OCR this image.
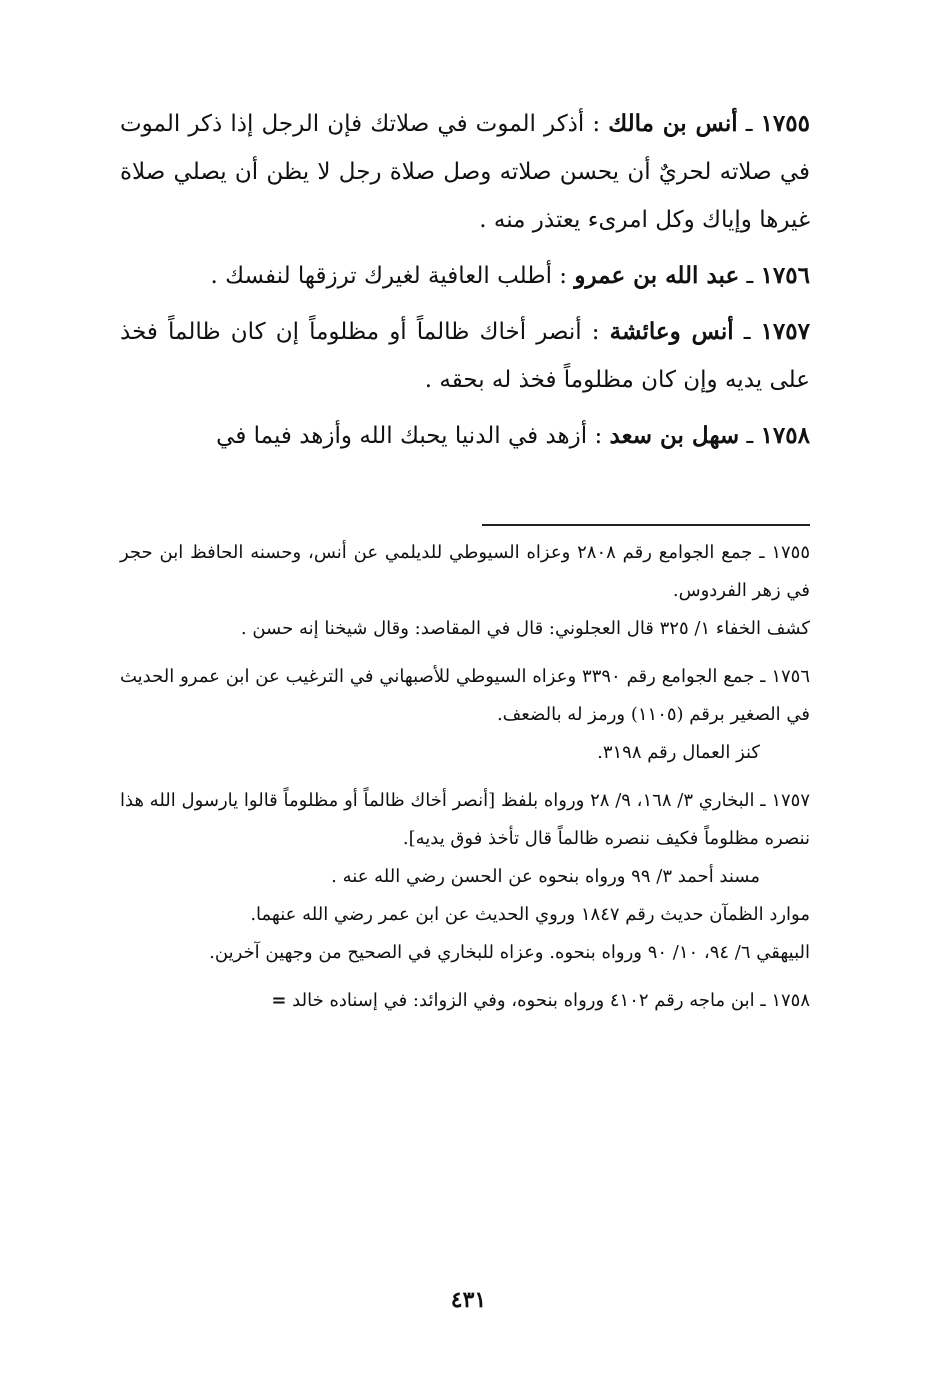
١٧٥٥ ـ أنس بن مالك : أذكر الموت في صلاتك فإن الرجل إذا ذكر الموت في صلاته لحريٌ أن يحسن صلاته وصل صلاة رجل لا يظن أن يصلي صلاة غيرها وإياك وكل امرىء يعتذر منه .

١٧٥٦ ـ عبد الله بن عمرو : أطلب العافية لغيرك ترزقها لنفسك .

١٧٥٧ ـ أنس وعائشة : أنصر أخاك ظالماً أو مظلوماً إن كان ظالماً فخذ على يديه وإن كان مظلوماً فخذ له بحقه .

١٧٥٨ ـ سهل بن سعد : أزهد في الدنيا يحبك الله وأزهد فيما في

١٧٥٥ ـ جمع الجوامع رقم ٢٨٠٨ وعزاه السيوطي للديلمي عن أنس، وحسنه الحافظ ابن حجر في زهر الفردوس.

كشف الخفاء ١/ ٣٢٥ قال العجلوني: قال في المقاصد: وقال شيخنا إنه حسن .

١٧٥٦ ـ جمع الجوامع رقم ٣٣٩٠ وعزاه السيوطي للأصبهاني في الترغيب عن ابن عمرو الحديث في الصغير برقم (١١٠٥) ورمز له بالضعف.

كنز العمال رقم ٣١٩٨.

١٧٥٧ ـ البخاري ٣/ ١٦٨، ٩/ ٢٨ ورواه بلفظ [أنصر أخاك ظالماً أو مظلوماً قالوا يارسول الله هذا ننصره مظلوماً فكيف ننصره ظالماً قال تأخذ فوق يديه].

مسند أحمد ٣/ ٩٩ ورواه بنحوه عن الحسن رضي الله عنه .

موارد الظمآن حديث رقم ١٨٤٧ وروي الحديث عن ابن عمر رضي الله عنهما.

البيهقي ٦/ ٩٤، ١٠/ ٩٠ ورواه بنحوه. وعزاه للبخاري في الصحيح من وجهين آخرين.

١٧٥٨ ـ ابن ماجه رقم ٤١٠٢ ورواه بنحوه، وفي الزوائد: في إسناده خالد =

٤٣١
